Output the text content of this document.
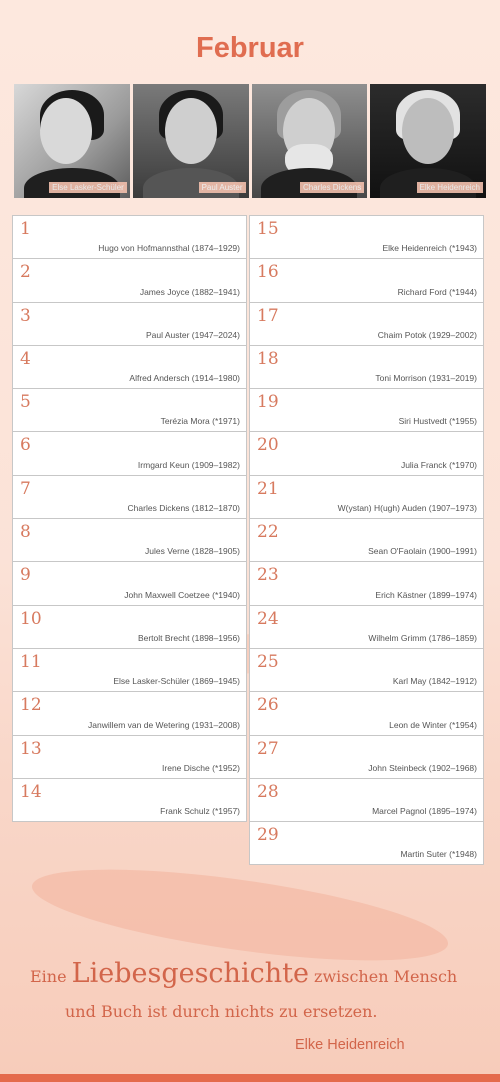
Februar
Else Lasker-Schüler	Paul Auster	Charles Dickens	Elke Heidenreich
1
Hugo von Hofmannsthal (1874–1929)
2
James Joyce (1882–1941)
3
Paul Auster (1947–2024)
4
Alfred Andersch (1914–1980)
5
Terézia Mora (*1971)
6
Irmgard Keun (1909–1982)
7
Charles Dickens (1812–1870)
8
Jules Verne (1828–1905)
9
John Maxwell Coetzee (*1940)
10
Bertolt Brecht (1898–1956)
11
Else Lasker-Schüler (1869–1945)
12
Janwillem van de Wetering (1931–2008)
13
Irene Dische (*1952)
14
Frank Schulz (*1957)
15
Elke Heidenreich (*1943)
16
Richard Ford (*1944)
17
Chaim Potok (1929–2002)
18
Toni Morrison (1931–2019)
19
Siri Hustvedt (*1955)
20
Julia Franck (*1970)
21
W(ystan) H(ugh) Auden (1907–1973)
22
Sean O'Faolain (1900–1991)
23
Erich Kästner (1899–1974)
24
Wilhelm Grimm (1786–1859)
25
Karl May (1842–1912)
26
Leon de Winter (*1954)
27
John Steinbeck (1902–1968)
28
Marcel Pagnol (1895–1974)
29
Martin Suter (*1948)
Eine Liebesgeschichte zwischen Mensch
und Buch ist durch nichts zu ersetzen.
Elke Heidenreich
